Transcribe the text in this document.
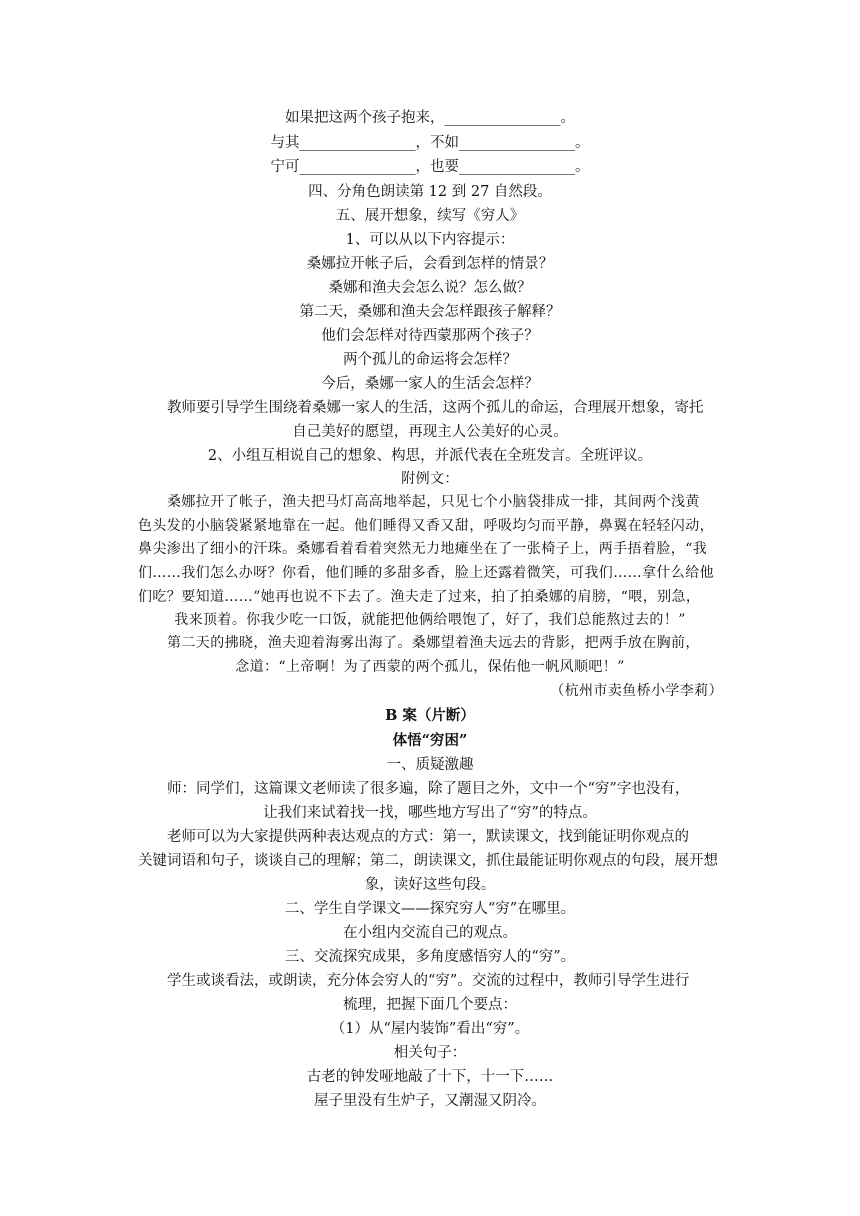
如果把这两个孩子抱来，________________。
与其________________，不如________________。
宁可________________，也要________________。
四、分角色朗读第 12 到 27 自然段。
五、展开想象，续写《穷人》
1、可以从以下内容提示：
桑娜拉开帐子后，会看到怎样的情景？
桑娜和渔夫会怎么说？怎么做？
第二天，桑娜和渔夫会怎样跟孩子解释？
他们会怎样对待西蒙那两个孩子？
两个孤儿的命运将会怎样？
今后，桑娜一家人的生活会怎样？
教师要引导学生围绕着桑娜一家人的生活，这两个孤儿的命运，合理展开想象，寄托
自己美好的愿望，再现主人公美好的心灵。
2、小组互相说自己的想象、构思，并派代表在全班发言。全班评议。
附例文：
桑娜拉开了帐子，渔夫把马灯高高地举起，只见七个小脑袋排成一排，其间两个浅黄
色头发的小脑袋紧紧地靠在一起。他们睡得又香又甜，呼吸均匀而平静，鼻翼在轻轻闪动，
鼻尖渗出了细小的汗珠。桑娜看着看着突然无力地瘫坐在了一张椅子上，两手捂着脸，“我
们……我们怎么办呀？你看，他们睡的多甜多香，脸上还露着微笑，可我们……拿什么给他
们吃？要知道……”她再也说不下去了。渔夫走了过来，拍了拍桑娜的肩膀，“喂，别急，
我来顶着。你我少吃一口饭，就能把他俩给喂饱了，好了，我们总能熬过去的！”
第二天的拂晓，渔夫迎着海雾出海了。桑娜望着渔夫远去的背影，把两手放在胸前，
念道：“上帝啊！为了西蒙的两个孤儿，保佑他一帆风顺吧！”
（杭州市卖鱼桥小学李莉）
B 案（片断）
体悟“穷困”
一、质疑激趣
师：同学们，这篇课文老师读了很多遍，除了题目之外，文中一个“穷”字也没有，
让我们来试着找一找，哪些地方写出了“穷”的特点。
老师可以为大家提供两种表达观点的方式：第一，默读课文，找到能证明你观点的
关键词语和句子，谈谈自己的理解；第二，朗读课文，抓住最能证明你观点的句段，展开想
象，读好这些句段。
二、学生自学课文——探究穷人“穷”在哪里。
在小组内交流自己的观点。
三、交流探究成果，多角度感悟穷人的“穷”。
学生或谈看法，或朗读，充分体会穷人的“穷”。交流的过程中，教师引导学生进行
梳理，把握下面几个要点：
（1）从“屋内装饰”看出“穷”。
相关句子：
古老的钟发哑地敲了十下，十一下……
屋子里没有生炉子，又潮湿又阴冷。
